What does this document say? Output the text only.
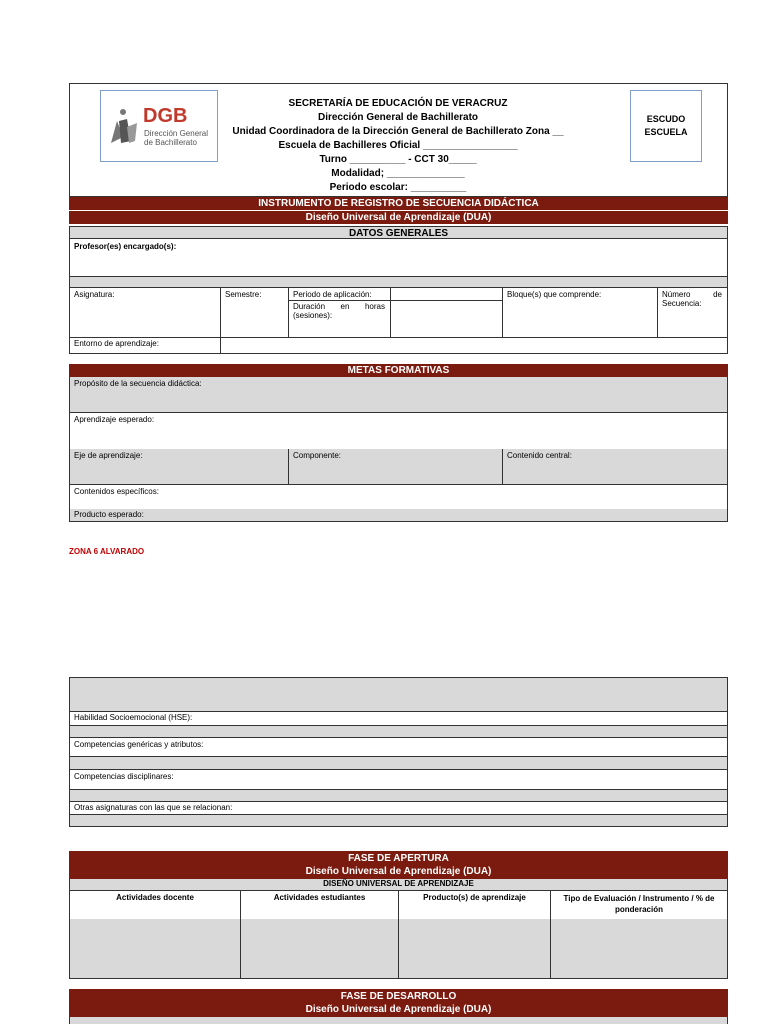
DGB
Dirección General
de Bachillerato
SECRETARÍA DE EDUCACIÓN DE VERACRUZ
Dirección General de Bachillerato
Unidad Coordinadora de la Dirección General de Bachillerato Zona __
Escuela de Bachilleres Oficial _________________
Turno __________ - CCT 30_____
Modalidad; ______________
Periodo escolar: __________
ESCUDO
ESCUELA
INSTRUMENTO DE REGISTRO DE SECUENCIA DIDÁCTICA
Diseño Universal de Aprendizaje (DUA)
DATOS GENERALES
Profesor(es) encargado(s):
Asignatura:	Semestre:	Periodo de aplicación:
Duración en horas (sesiones):
Bloque(s) que comprende:	Número de Secuencia:
Entorno de aprendizaje:
METAS FORMATIVAS
Propósito de la secuencia didáctica:
Aprendizaje esperado:
Eje de aprendizaje:	Componente:	Contenido central:
Contenidos específicos:
Producto esperado:
ZONA 6 ALVARADO
Habilidad Socioemocional (HSE):
Competencias genéricas y atributos:
Competencias disciplinares:
Otras asignaturas con las que se relacionan:
FASE DE APERTURA
Diseño Universal de Aprendizaje (DUA)
DISEÑO UNIVERSAL DE APRENDIZAJE
Actividades docente	Actividades estudiantes	Producto(s) de aprendizaje	Tipo de Evaluación / Instrumento / % de ponderación
FASE DE DESARROLLO
Diseño Universal de Aprendizaje (DUA)
